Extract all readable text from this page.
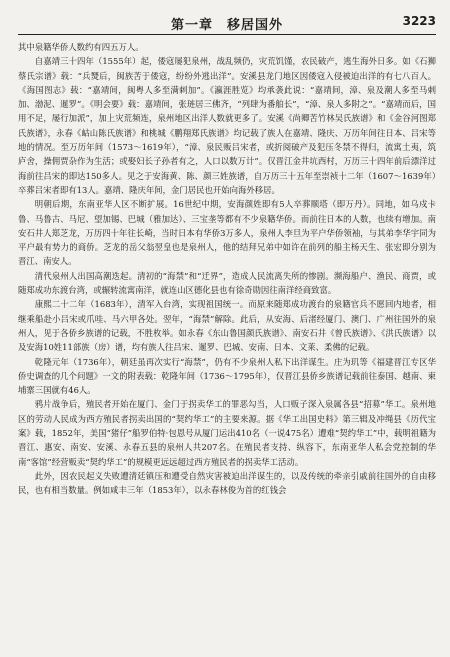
第一章　移居国外	3223

其中泉籍华侨人数约有四五万人。

自嘉靖三十四年（1555年）起，倭寇屡犯泉州，战乱频仍，灾荒饥馑，农民破产，逃生海外日多。如《石狮蔡氏宗谱》载：“兵燹后，闽族苦于倭寇，纷纷外逃出洋”。安溪县龙门地区因倭寇入侵被迫出洋的有七八百人。《海国图志》载：“嘉靖间，闽粤人多至满剌加”。《瀛涯胜览》均承袭此说：“嘉靖间，漳、泉及潮人多至马剌加、渤泥、暹罗”。《明会要》载：嘉靖间，张琏居三佛齐，“列肆为番舶长”，“漳、泉人多附之”。“嘉靖而后，国用不足，屡行加派”，加上灾荒频连，泉州地区出洋人数就更多了。安溪《尚卿苦竹林吴氏族谱》和《金谷河图郑氏族谱》，永春《岵山陈氏族谱》和桃城《鹏翔郑氏族谱》均记载了族人在嘉靖、隆庆、万历年间往日本、吕宋等地的情况。至万历年间（1573～1619年），“漳、泉民贩吕宋者，或折阅破产及犯压冬禁不得归，流寓土夷，筑庐舍，操佣贾杂作为生活；或娶妇长子孙者有之，人口以数万计”。仅晋江金井坑西村，万历三十四年前后漂洋过海前往吕宋的即达150多人。见之于安海黄、陈、颜三姓族谱，自万历三十五年至崇祯十二年（1607～1639年）卒葬吕宋者即有13人。嘉靖、隆庆年间，金门居民也开始向海外移居。

明朝后期，东南亚华人区不断扩展。16世纪中期，安海颜姓即有5人卒葬顺塔（即万丹）。同地，如乌戍卡鲁、马鲁古、马尼、望加锡、巴城（雅加达）、三宝垄等都有不少泉籍华侨。而前往日本的人数，也续有增加。南安石井人郑芝龙，万历四十年往长崎，当时日本有华侨3万多人，泉州人李旦为平户华侨领袖，与其弟李华宇同为平户最有势力的商侨。芝龙的岳父翁翌皇也是泉州人，他的结拜兄弟中如许在前列的船主杨天生、张宏即分别为晋江、南安人。

清代泉州人出国高潮迭起。清初的“海禁”和“迁界”，造成人民流离失所的惨剧。濒海船户、渔民、商贾，或随郑成功东渡台湾，或辗转流寓南洋，就连山区德化县也有徐奇勋因往南洋经商致富。

康熙二十二年（1683年），清军入台湾，实现祖国统一。而原来随郑成功渡台的泉籍官兵不愿回内地者，相继乘船赴小吕宋或爪哇、马六甲各处。翌年，“海禁”解除。此后，从安海、后渚经厦门、澳门、广州往国外的泉州人，见于各侨乡族谱的记载，不胜枚举。如永春《东山鲁国颜氏族谱》、南安石井《曾氏族谱》、《洪氏族谱》以及安海10姓11部族（房）谱，均有族人往吕宋、暹罗、巴城、安南、日本、文莱、柔佛的记载。

乾隆元年（1736年），朝廷虽再次实行“海禁”，仍有不少泉州人私下出洋谋生。庄为玑等《福建晋江专区华侨史调查的几个问题》一文的附表载：乾隆年间（1736～1795年），仅晋江县侨乡族谱记载前往泰国、越南、柬埔寨三国就有46人。

鸦片战争后，殖民者开始在厦门、金门于拐卖华工的罪恶勾当，人口贩子深入泉属各县“招募”华工。泉州地区的劳动人民成为西方殖民者拐卖出国的“契约华工”的主要来源。据《华工出国史料》第三辑及冲绳县《历代宝案》载，1852年，美国“猪仔”船罗伯特·包恩号从厦门运出410名（一说475名）遭难“契约华工”中，载明祖籍为晋江、惠安、南安、安溪、永春五县的泉州人共207名。在殖民者支持、纵容下，东南亚华人私会党控制的华南“客馆”经营贩卖“契约华工”的规模更远远超过西方殖民者的拐卖华工活动。

此外，因农民起义失败遭清廷镇压和遭受自然灾害被迫出洋谋生的，以及传统的牵亲引戚前往国外的自由移民，也有相当数量。例如咸丰三年（1853年），以永春林俊为首的红钱会
